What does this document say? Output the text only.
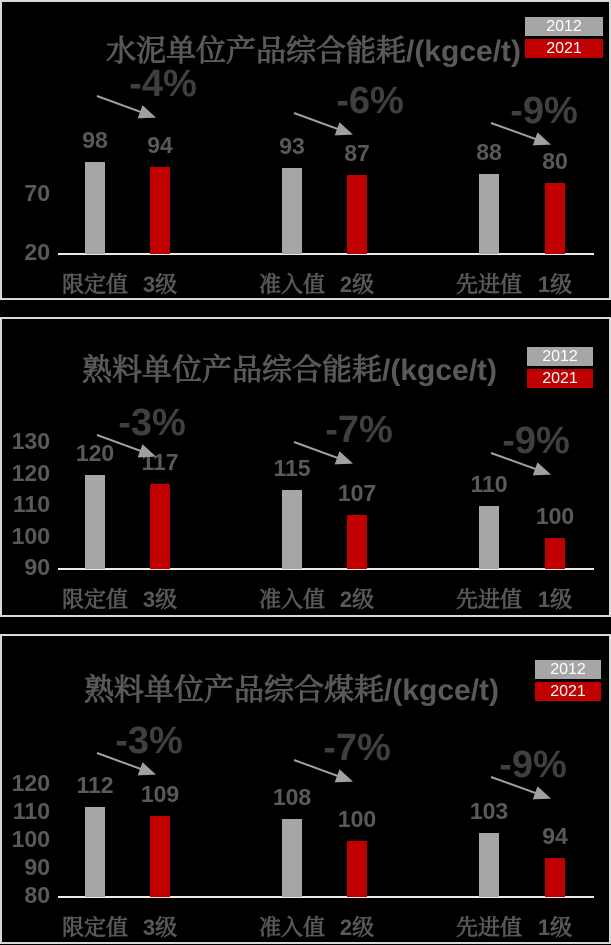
水泥单位产品综合能耗/(kgce/t)
2012
2021
70
20
98	94
限定值 3级
-4%
93	87
准入值 2级
-6%
88	80
先进值 1级
-9%
熟料单位产品综合能耗/(kgce/t)	2012
2021
130
120
110
100
90
120	117
限定值 3级
-3%
115
107
准入值 2级
-7%
110
100
先进值 1级
-9%
熟料单位产品综合煤耗/(kgce/t)
2012
2021
120
110
100
90
80
112	109
限定值 3级
-3%
108
100
准入值 2级
-7%
103
94
先进值 1级
-9%
